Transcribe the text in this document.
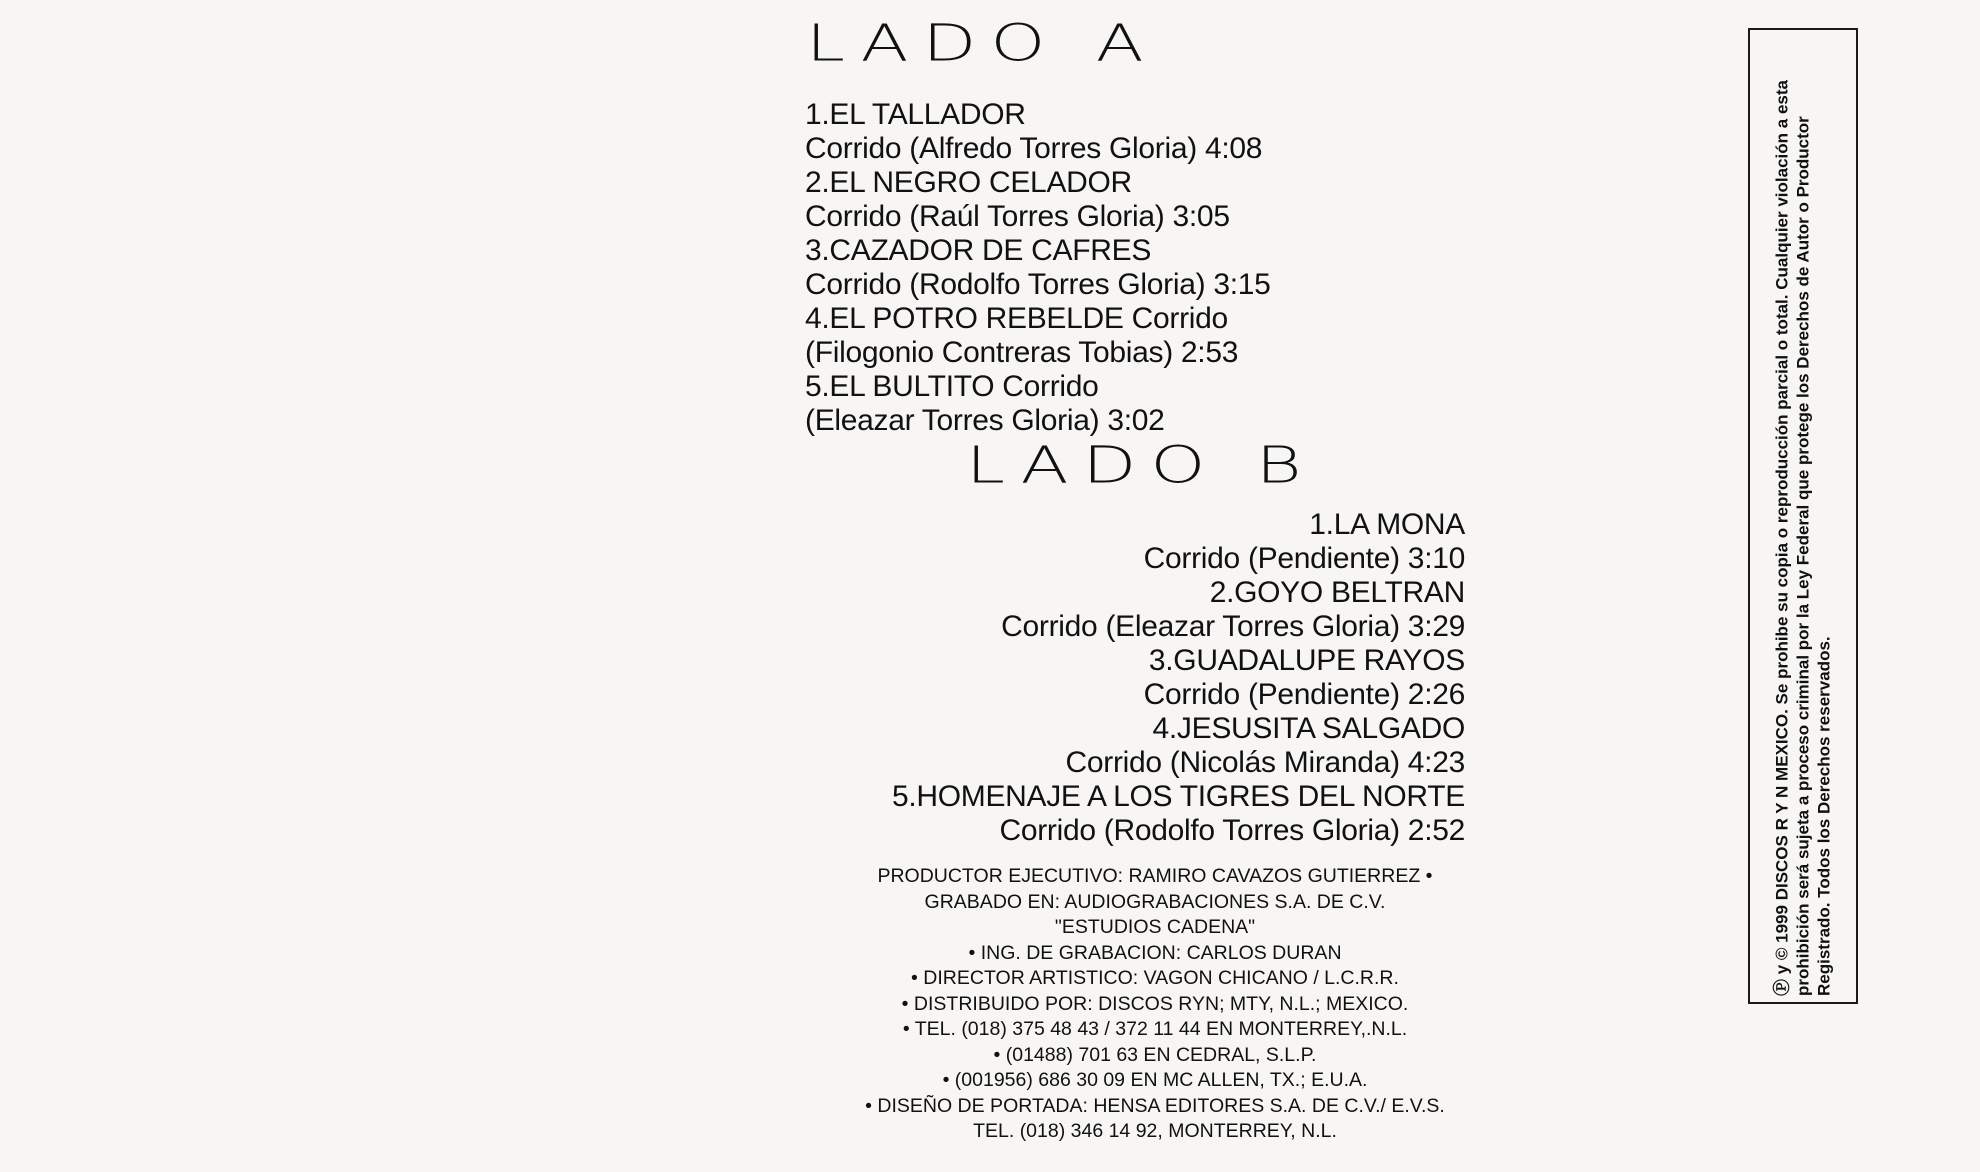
LADO A
1.EL TALLADOR
Corrido (Alfredo Torres Gloria) 4:08
2.EL NEGRO CELADOR
Corrido (Raúl Torres Gloria) 3:05
3.CAZADOR DE CAFRES
Corrido (Rodolfo Torres Gloria) 3:15
4.EL POTRO REBELDE Corrido
(Filogonio Contreras Tobias) 2:53
5.EL BULTITO Corrido
(Eleazar Torres Gloria) 3:02
LADO B
1.LA MONA
Corrido (Pendiente) 3:10
2.GOYO BELTRAN
Corrido (Eleazar Torres Gloria) 3:29
3.GUADALUPE RAYOS
Corrido (Pendiente) 2:26
4.JESUSITA SALGADO
Corrido (Nicolás Miranda) 4:23
5.HOMENAJE A LOS TIGRES DEL NORTE
Corrido (Rodolfo Torres Gloria) 2:52
PRODUCTOR EJECUTIVO: RAMIRO CAVAZOS GUTIERREZ •
GRABADO EN: AUDIOGRABACIONES S.A. DE C.V.
"ESTUDIOS CADENA"
• ING. DE GRABACION: CARLOS DURAN
• DIRECTOR ARTISTICO: VAGON CHICANO / L.C.R.R.
• DISTRIBUIDO POR: DISCOS RYN; MTY, N.L.; MEXICO.
• TEL. (018) 375 48 43 / 372 11 44 EN MONTERREY,.N.L.
• (01488) 701 63 EN CEDRAL, S.L.P.
• (001956) 686 30 09 EN MC ALLEN, TX.; E.U.A.
• DISEÑO DE PORTADA: HENSA EDITORES S.A. DE C.V./ E.V.S.
TEL. (018) 346 14 92, MONTERREY, N.L.
Ⓟ y © 1999 DISCOS R Y N MEXICO. Se prohibe su copia o reproducción parcial o total. Cualquier violación a esta prohibición será sujeta a proceso criminal por la Ley Federal que protege los Derechos de Autor o Productor Registrado. Todos los Derechos reservados.
